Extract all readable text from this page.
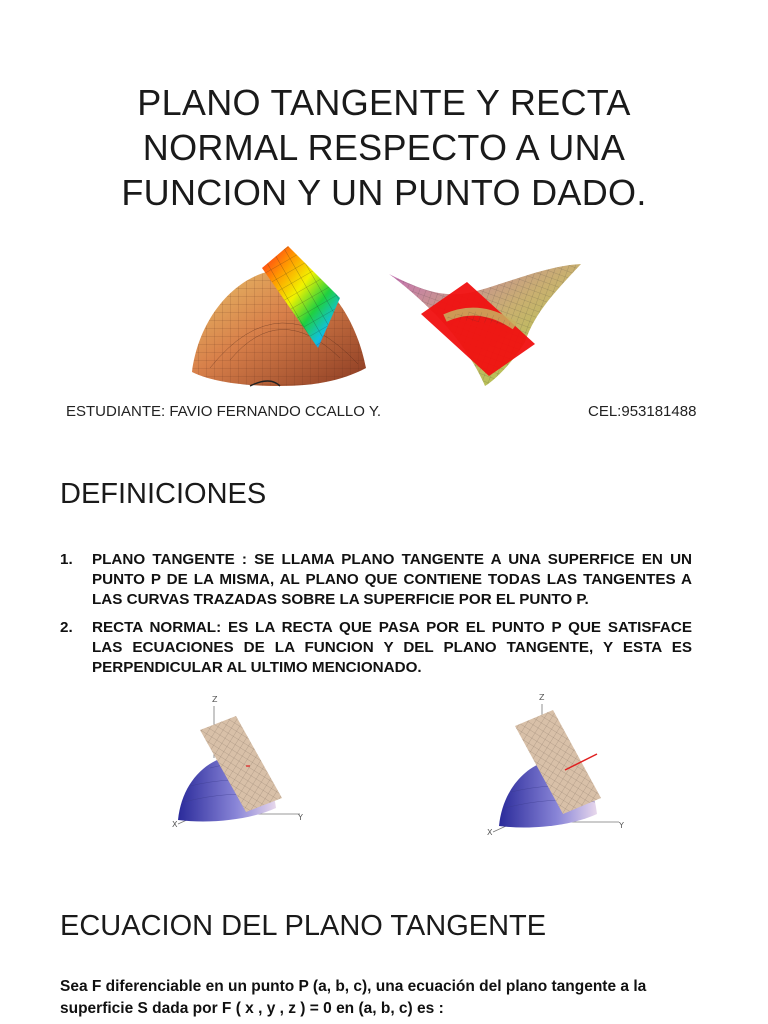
PLANO TANGENTE Y RECTA
NORMAL RESPECTO A UNA
FUNCION Y UN PUNTO DADO.
ESTUDIANTE: FAVIO FERNANDO CCALLO Y.	CEL:953181488
DEFINICIONES
1. PLANO TANGENTE : SE LLAMA PLANO TANGENTE A UNA SUPERFICE EN UN PUNTO P DE LA MISMA, AL PLANO QUE CONTIENE TODAS LAS TANGENTES A LAS CURVAS TRAZADAS SOBRE LA SUPERFICIE POR EL PUNTO P.
2. RECTA NORMAL: ES LA RECTA QUE PASA POR EL PUNTO P QUE SATISFACE LAS ECUACIONES DE LA FUNCION Y DEL PLANO TANGENTE, Y ESTA ES PERPENDICULAR AL ULTIMO MENCIONADO.
X
Y
Z
X
Y
Z
ECUACION DEL PLANO TANGENTE
Sea F diferenciable en un punto P (a, b, c), una ecuación del plano tangente a la
superficie S dada por F ( x , y , z ) = 0 en (a, b, c) es :
